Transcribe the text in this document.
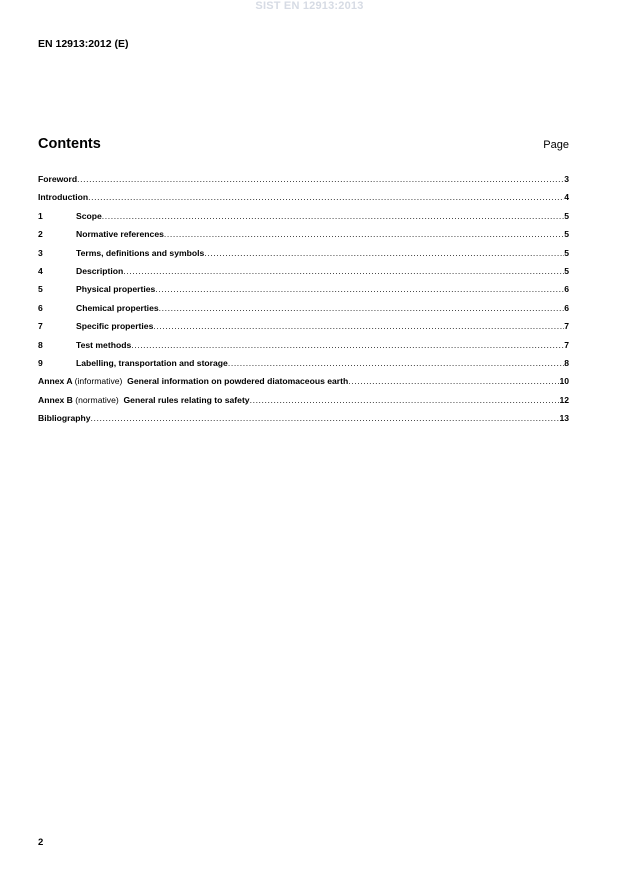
SIST EN 12913:2013
EN 12913:2012 (E)
Contents	Page
Foreword .....	3
Introduction .....	4
1	Scope .....	5
2	Normative references .....	5
3	Terms, definitions and symbols .....	5
4	Description .....	5
5	Physical properties .....	6
6	Chemical properties .....	6
7	Specific properties .....	7
8	Test methods .....	7
9	Labelling, transportation and storage .....	8
Annex A (informative) General information on powdered diatomaceous earth .....	10
Annex B (normative) General rules relating to safety .....	12
Bibliography .....	13
2
